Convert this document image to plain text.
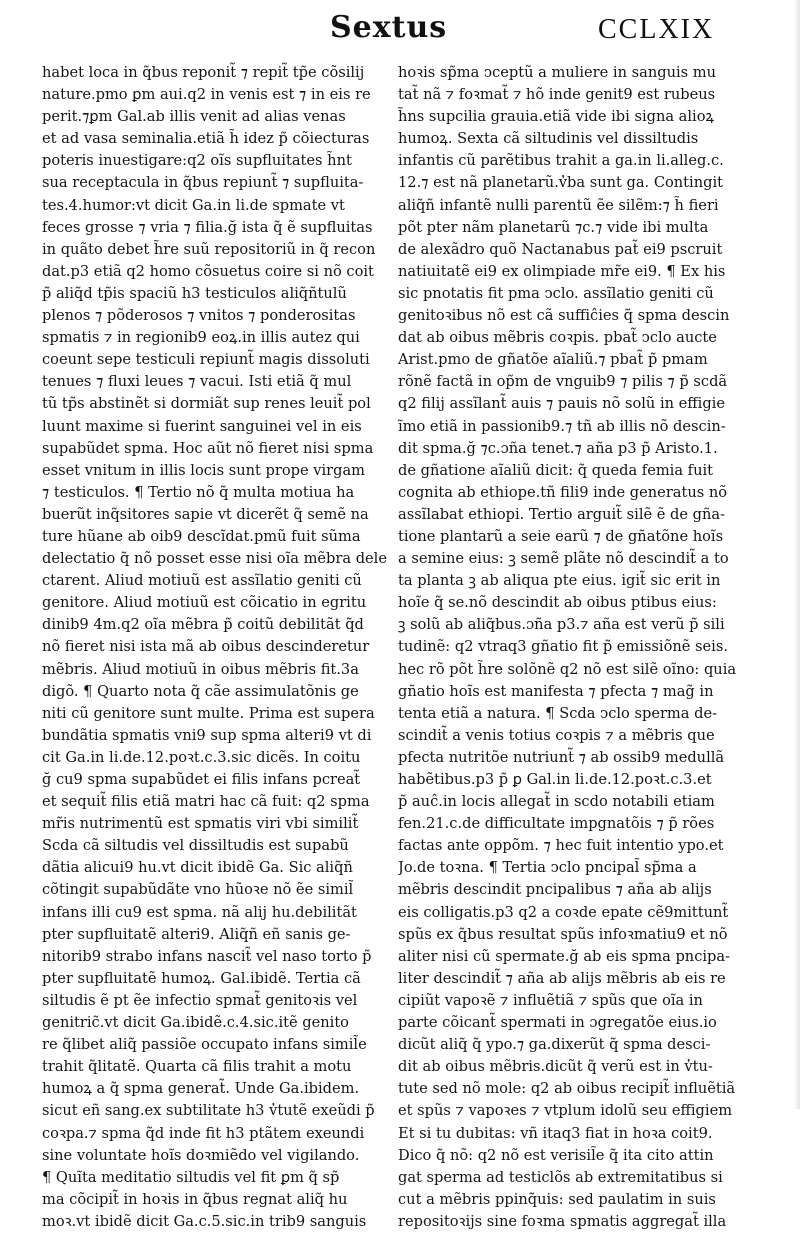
Sextus	CCLXIX
habet loca in q̃bus reponit̃ ⁊ repit̃ tp̃e cõsilij
nature.pmo ꝑm aui.q2 in venis est ⁊ in eis re
perit.⁊ꝑm Gal.ab illis venit ad alias venas
et ad vasa seminalia.etiã h̃ idez p̃ cõiecturas
poteris inuestigare:q2 oĩs supfluitates h̃nt
sua receptacula in q̃bus repiunt̃ ⁊ supfluita-
tes.4.humor:vt dicit Ga.in li.de spmate vt
feces grosse ⁊ vria ⁊ filia.ğ ista q̃ ẽ supfluitas
in quãto debet h̃re suũ repositoriũ in q̃ recon
dat.p3 etiã q2 homo cõsuetus coire si nõ coit
p̃ aliq̃d tp̃is spaciũ h3 testiculos aliq̃ñtulũ
plenos ⁊ põderosos ⁊ vnitos ⁊ ponderositas
spmatis ⁊ in regionib9 eoꝝ.in illis autez qui
coeunt sepe testiculi repiunt̃ magis dissoluti
tenues ⁊ fluxi leues ⁊ vacui. Isti etiã q̃ mul
tũ tp̃s abstinẽt si dormiãt sup renes leuit̃ pol
luunt maxime si fuerint sanguinei vel in eis
supabũdet spma. Hoc aũt nõ fieret nisi spma
esset vnitum in illis locis sunt prope virgam
⁊ testiculos. ¶ Tertio nõ q̃ multa motiua ha
buerũt inq̃sitores sapie vt dicerẽt q̃ semẽ na
ture hũane ab oib9 descĩdat.pmũ fuit sũma
delectatio q̃ nõ posset esse nisi oĩa mẽbra dele
ctarent. Aliud motiuũ est assĩlatio geniti cũ
genitore. Aliud motiuũ est cõicatio in egritu
dinib9 4m.q2 oĩa mẽbra p̃ coitũ debilitãt q̃d
nõ fieret nisi ista mã ab oibus descinderetur
mẽbris. Aliud motiuũ in oibus mẽbris fit.3a
digõ. ¶ Quarto nota q̃ cãe assimulatõnis ge
niti cũ genitore sunt multe. Prima est supera
bundãtia spmatis vni9 sup spma alteri9 vt di
cit Ga.in li.de.12.poꝛt.c.3.sic dicẽs. In coitu
ğ cu9 spma supabũdet ei filis infans pcreat̃
et sequit̃ filis etiã matri hac cã fuit: q2 spma
mr̃is nutrimentũ est spmatis viri vbi similit̃
Scda cã siltudis vel dissiltudis est supabũ
dãtia alicui9 hu.vt dicit ibidẽ Ga. Sic aliq̃ñ
cõtingit supabũdãte vno hũoꝛe nõ ẽe simil̃
infans illi cu9 est spma. nã alij hu.debilitãt
pter supfluitatẽ alteri9. Aliq̃ñ eñ sanis ge-
nitorib9 strabo infans nascit̃ vel naso torto p̃
pter supfluitatẽ humoꝝ. Gal.ibidẽ. Tertia cã
siltudis ẽ pt ẽe infectio spmat̃ genitoꝛis vel
genitric̃.vt dicit Ga.ibidẽ.c.4.sic.itẽ genito
re q̃libet aliq̃ passiõe occupato infans simil̃e
trahit q̃litatẽ. Quarta cã filis trahit a motu
humoꝝ a q̃ spma generat̃. Unde Ga.ibidem.
sicut eñ sang.ex subtilitate h3 v̓tutẽ exeũdi p̃
coꝛpa.⁊ spma q̃d inde fit h3 ptãtem exeundi
sine voluntate hoĩs doꝛmiẽdo vel vigilando.
¶ Quĩta meditatio siltudis vel fit ꝑm q̃ sp̃
ma cõcipit̃ in hoꝛis in q̃bus regnat aliq̃ hu
moꝛ.vt ibidẽ dicit Ga.c.5.sic.in trib9 sanguis
hoꝛis sp̃ma ↄceptũ a muliere in sanguis mu
tat̃ nã ⁊ foꝛmat̃ ⁊ hõ inde genit9 est rubeus
h̃ns supcilia grauia.etiã vide ibi signa alioꝝ
humoꝝ. Sexta cã siltudinis vel dissiltudis
infantis cũ parẽtibus trahit a ga.in li.alleg.c.
12.⁊ est nã planetarũ.v̓ba sunt ga. Contingit
aliq̃ñ infantẽ nulli parentũ ẽe silẽm:⁊ h̃ fieri
põt pter nãm planetarũ ⁊c.⁊ vide ibi multa
de alexãdro quõ Nactanabus pat̃ ei9 pscruit
natiuitatẽ ei9 ex olimpiade mr̃e ei9. ¶ Ex his
sic pnotatis fit pma ↄclo. assĩlatio geniti cũ
genitoꝛibus nõ est cã suffiĉies q̃ spma descin
dat ab oibus mẽbris coꝛpis. pbat̃ ↄclo aucte
Arist.pmo de gñatõe aĩaliũ.⁊ pbat̃ p̃ pmam
rõnẽ factã in op̃m de vnguib9 ⁊ pilis ⁊ p̃ scdã
q2 filij assĩlant̃ auis ⁊ pauis nõ solũ in effigie
ĩmo etiã in passionib9.⁊ tñ ab illis nõ descin-
dit spma.ğ ⁊c.ɔña tenet.⁊ aña p3 p̃ Aristo.1.
de gñatione aĩaliũ dicit: q̃ queda femia fuit
cognita ab ethiope.tñ fili9 inde generatus nõ
assĩlabat ethiopi. Tertio arguit̃ silẽ ẽ de gña-
tione plantarũ a seie earũ ⁊ de gñatõne hoĩs
a semine eius: ꝫ semẽ plãte nõ descindit̃ a to
ta planta ꝫ ab aliqua pte eius. igit̃ sic erit in
hoĩe q̃ se.nõ descindit ab oibus ptibus eius:
ꝫ solũ ab aliq̃bus.ɔña p3.⁊ aña est verũ p̃ sili
tudinẽ: q2 vtraq3 gñatio fit p̃ emissiõnẽ seis.
hec rõ põt h̃re solõnẽ q2 nõ est silẽ oĩno: quia
gñatio hoĩs est manifesta ⁊ pfecta ⁊ mag̃ in
tenta etiã a natura. ¶ Scda ↄclo sperma de-
scindit̃ a venis totius coꝛpis ⁊ a mẽbris que
pfecta nutritõe nutriunt̃ ⁊ ab ossib9 medullã
habẽtibus.p3 p̃ ꝑ Gal.in li.de.12.poꝛt.c.3.et
p̃ auĉ.in locis allegat̃ in scdo notabili etiam
fen.21.c.de difficultate impgnatõis ⁊ p̃ rões
factas ante oppõm. ⁊ hec fuit intentio ypo.et
Jo.de toꝛna. ¶ Tertia ↄclo pncipal̃ sp̃ma a
mẽbris descindit pncipalibus ⁊ aña ab alijs
eis colligatis.p3 q2 a coꝛde epate cẽ9mittunt̃
spũs ex q̃bus resultat spũs infoꝛmatiu9 et nõ
aliter nisi cũ spermate.ğ ab eis spma pncipa-
liter descindit̃ ⁊ aña ab alijs mẽbris ab eis re
cipiũt vapoꝛẽ ⁊ influẽtiã ⁊ spũs que oĩa in
parte cõicant̃ spermati in ɔgregatõe eius.io
dicũt aliq̃ q̃ ypo.⁊ ga.dixerũt q̃ spma desci-
dit ab oibus mẽbris.dicũt q̃ verũ est in v̓tu-
tute sed nõ mole: q2 ab oibus recipit̃ influẽtiã
et spũs ⁊ vapoꝛes ⁊ vtplum idolũ seu effigiem
Et si tu dubitas: vñ itaq3 fiat in hoꝛa coit9.
Dico q̃ nõ: q2 nõ est verisil̃e q̃ ita cito attin
gat sperma ad testiclõs ab extremitatibus si
cut a mẽbris ppinq̃uis: sed paulatim in suis
repositoꝛijs sine foꝛma spmatis aggregat̃ illa
